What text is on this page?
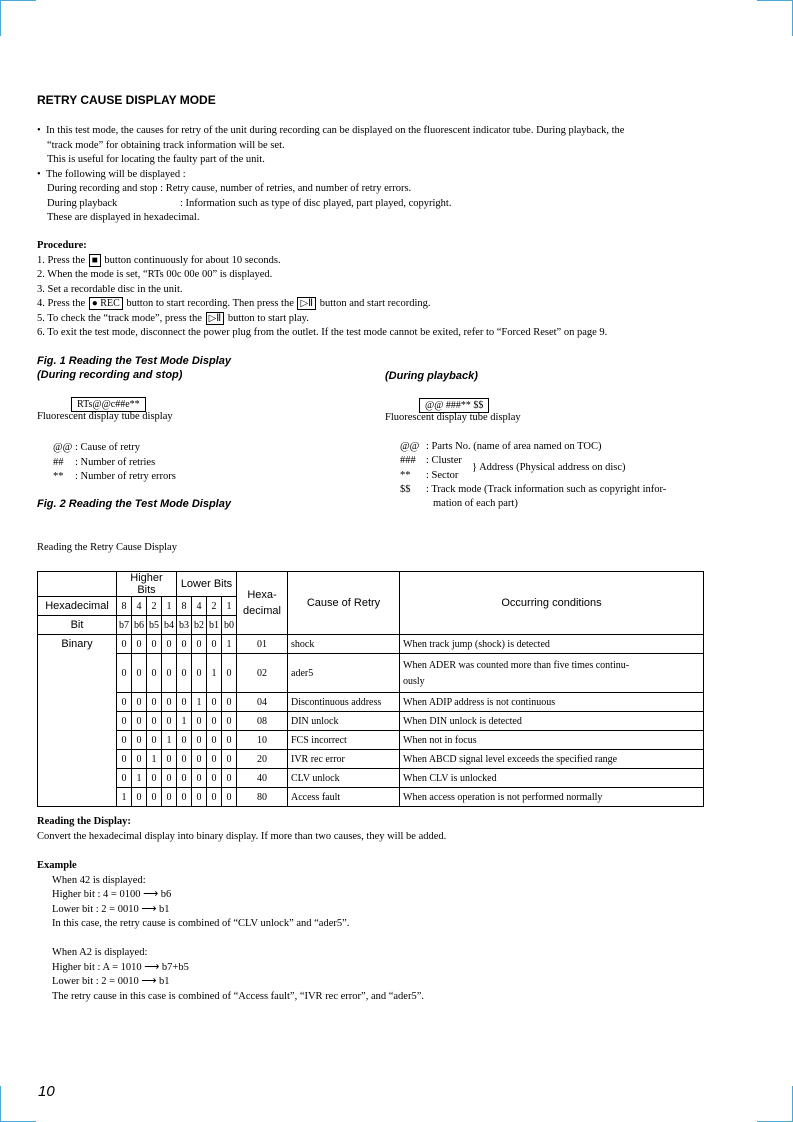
RETRY CAUSE DISPLAY MODE
• In this test mode, the causes for retry of the unit during recording can be displayed on the fluorescent indicator tube. During playback, the
“track mode” for obtaining track information will be set.
This is useful for locating the faulty part of the unit.
• The following will be displayed :
During recording and stop : Retry cause, number of retries, and number of retry errors.
During playback	: Information such as type of disc played, part played, copyright.
These are displayed in hexadecimal.
Procedure:
1. Press the ■ button continuously for about 10 seconds.
2. When the mode is set, “RTs 00c 00e 00” is displayed.
3. Set a recordable disc in the unit.
4. Press the ● REC button to start recording. Then press the ▷Ⅱ button and start recording.
5. To check the “track mode”, press the ▷Ⅱ button to start play.
6. To exit the test mode, disconnect the power plug from the outlet. If the test mode cannot be exited, refer to “Forced Reset” on page 9.
Fig. 1 Reading the Test Mode Display
(During recording and stop)	(During playback)
RTs@@c##e**	@@ ###** $$
Fluorescent display tube display	Fluorescent display tube display
@@ : Cause of retry
## : Number of retries
** : Number of retry errors
@@ : Parts No. (name of area named on TOC)
### : Cluster
** : Sector
} Address (Physical address on disc)
$$ : Track mode (Track information such as copyright infor-
mation of each part)
Fig. 2 Reading the Test Mode Display
Reading the Retry Cause Display
	Higher Bits				Lower Bits				Hexa-
decimal	Cause of Retry	Occurring conditions
Hexadecimal	8	4	2	1	8	4	2	1			
Bit	b7	b6	b5	b4	b3	b2	b1	b0			
Binary	0	0	0	0	0	0	0	1	01	shock	When track jump (shock) is detected
	0	0	0	0	0	0	1	0	02	ader5	When ADER was counted more than five times continu-
ously

	0	0	0	0	0	1	0	0	04	Discontinuous address	When ADIP address is not continuous
	0	0	0	0	1	0	0	0	08	DIN unlock	When DIN unlock is detected
	0	0	0	1	0	0	0	0	10	FCS incorrect	When not in focus
	0	0	1	0	0	0	0	0	20	IVR rec error	When ABCD signal level exceeds the specified range
	0	1	0	0	0	0	0	0	40	CLV unlock	When CLV is unlocked
	1	0	0	0	0	0	0	0	80	Access fault	When access operation is not performed normally
Reading the Display:
Convert the hexadecimal display into binary display. If more than two causes, they will be added.
Example
When 42 is displayed:
Higher bit : 4 = 0100 ⟶ b6
Lower bit : 2 = 0010 ⟶ b1
In this case, the retry cause is combined of “CLV unlock” and “ader5”.
When A2 is displayed:
Higher bit : A = 1010 ⟶ b7+b5
Lower bit : 2 = 0010 ⟶ b1
The retry cause in this case is combined of “Access fault”, “IVR rec error”, and “ader5”.
10
